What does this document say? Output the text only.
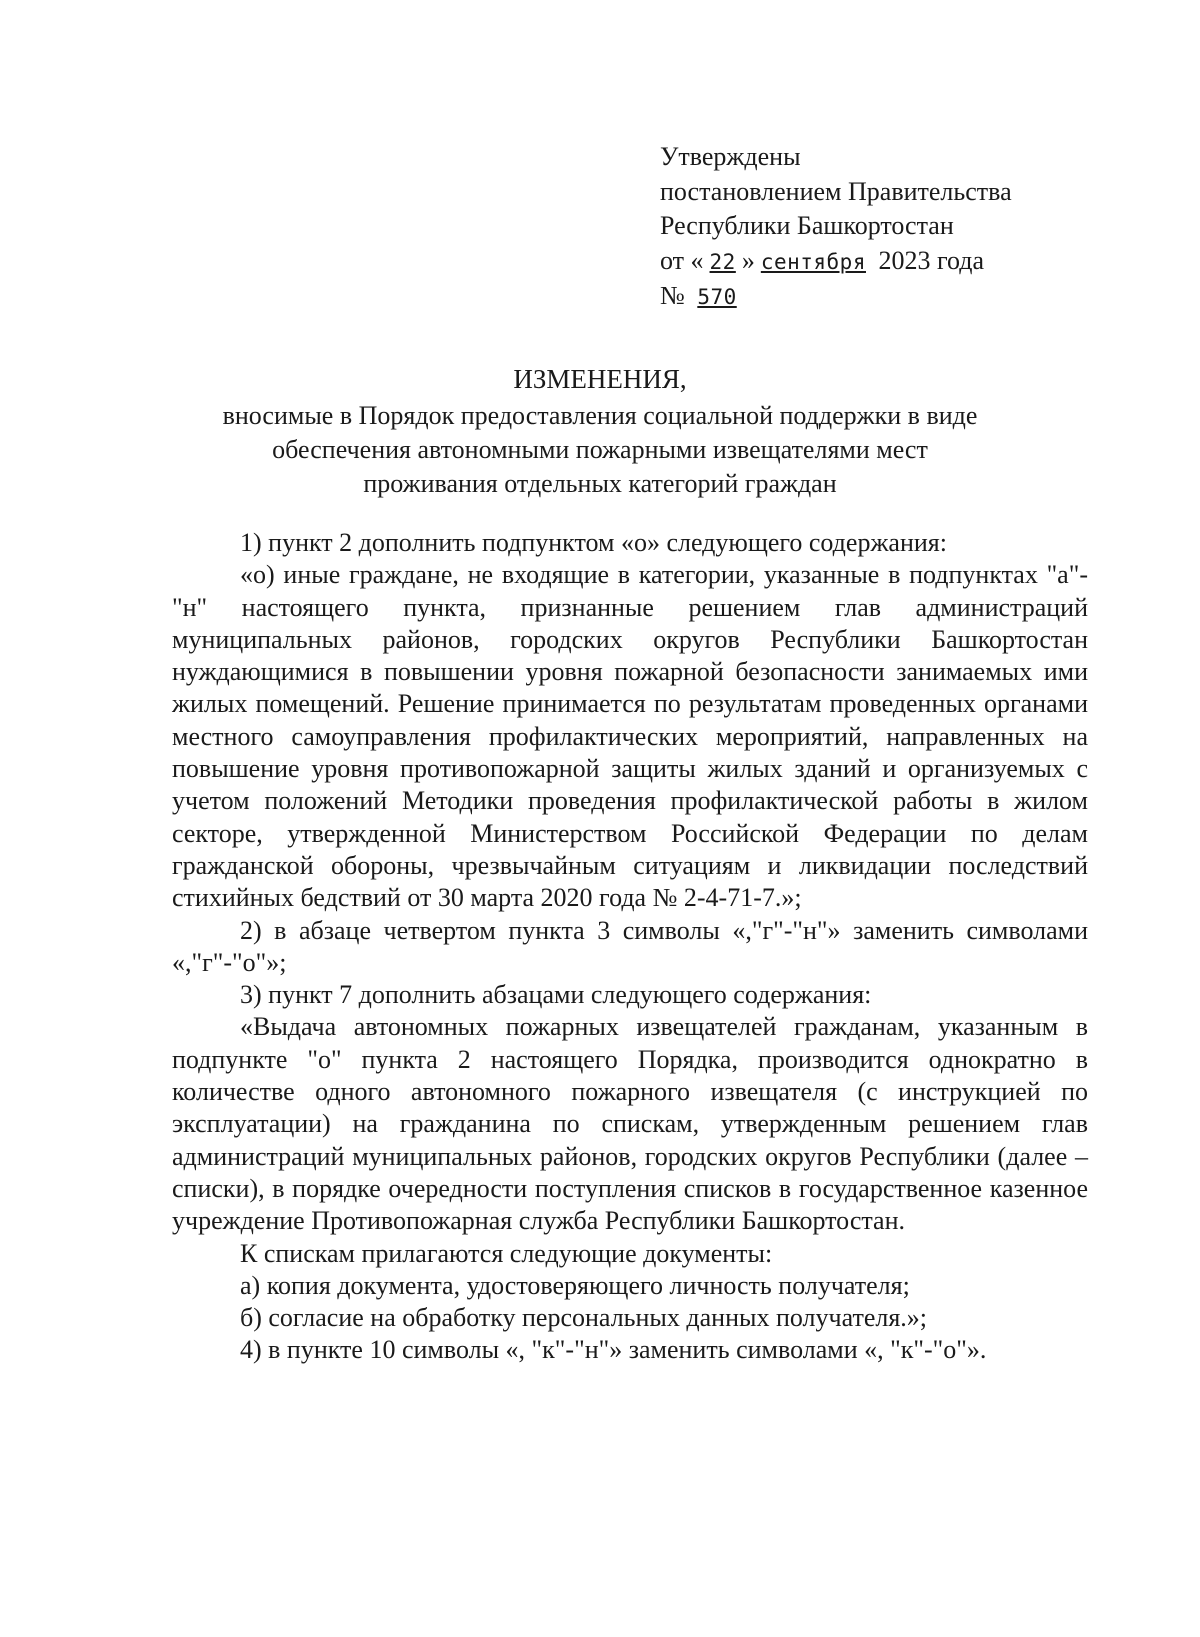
Утверждены
постановлением Правительства
Республики Башкортостан
от « 22 » сентября 2023 года
№ 570
ИЗМЕНЕНИЯ,
вносимые в Порядок предоставления социальной поддержки в виде
обеспечения автономными пожарными извещателями мест
проживания отдельных категорий граждан

1) пункт 2 дополнить подпунктом «о» следующего содержания:

«о) иные граждане, не входящие в категории, указанные в подпунктах "а"-"н" настоящего пункта, признанные решением глав администраций муниципальных районов, городских округов Республики Башкортостан нуждающимися в повышении уровня пожарной безопасности занимаемых ими жилых помещений. Решение принимается по результатам проведенных органами местного самоуправления профилактических мероприятий, направленных на повышение уровня противопожарной защиты жилых зданий и организуемых с учетом положений Методики проведения профилактической работы в жилом секторе, утвержденной Министерством Российской Федерации по делам гражданской обороны, чрезвычайным ситуациям и ликвидации последствий стихийных бедствий от 30 марта 2020 года № 2-4-71-7.»;

2) в абзаце четвертом пункта 3 символы «,"г"-"н"» заменить символами «,"г"-"о"»;

3) пункт 7 дополнить абзацами следующего содержания:

«Выдача автономных пожарных извещателей гражданам, указанным в подпункте "о" пункта 2 настоящего Порядка, производится однократно в количестве одного автономного пожарного извещателя (с инструкцией по эксплуатации) на гражданина по спискам, утвержденным решением глав администраций муниципальных районов, городских округов Республики (далее – списки), в порядке очередности поступления списков в государственное казенное учреждение Противопожарная служба Республики Башкортостан.

К спискам прилагаются следующие документы:

а) копия документа, удостоверяющего личность получателя;

б) согласие на обработку персональных данных получателя.»;

4) в пункте 10 символы «, "к"-"н"» заменить символами «, "к"-"о"».
